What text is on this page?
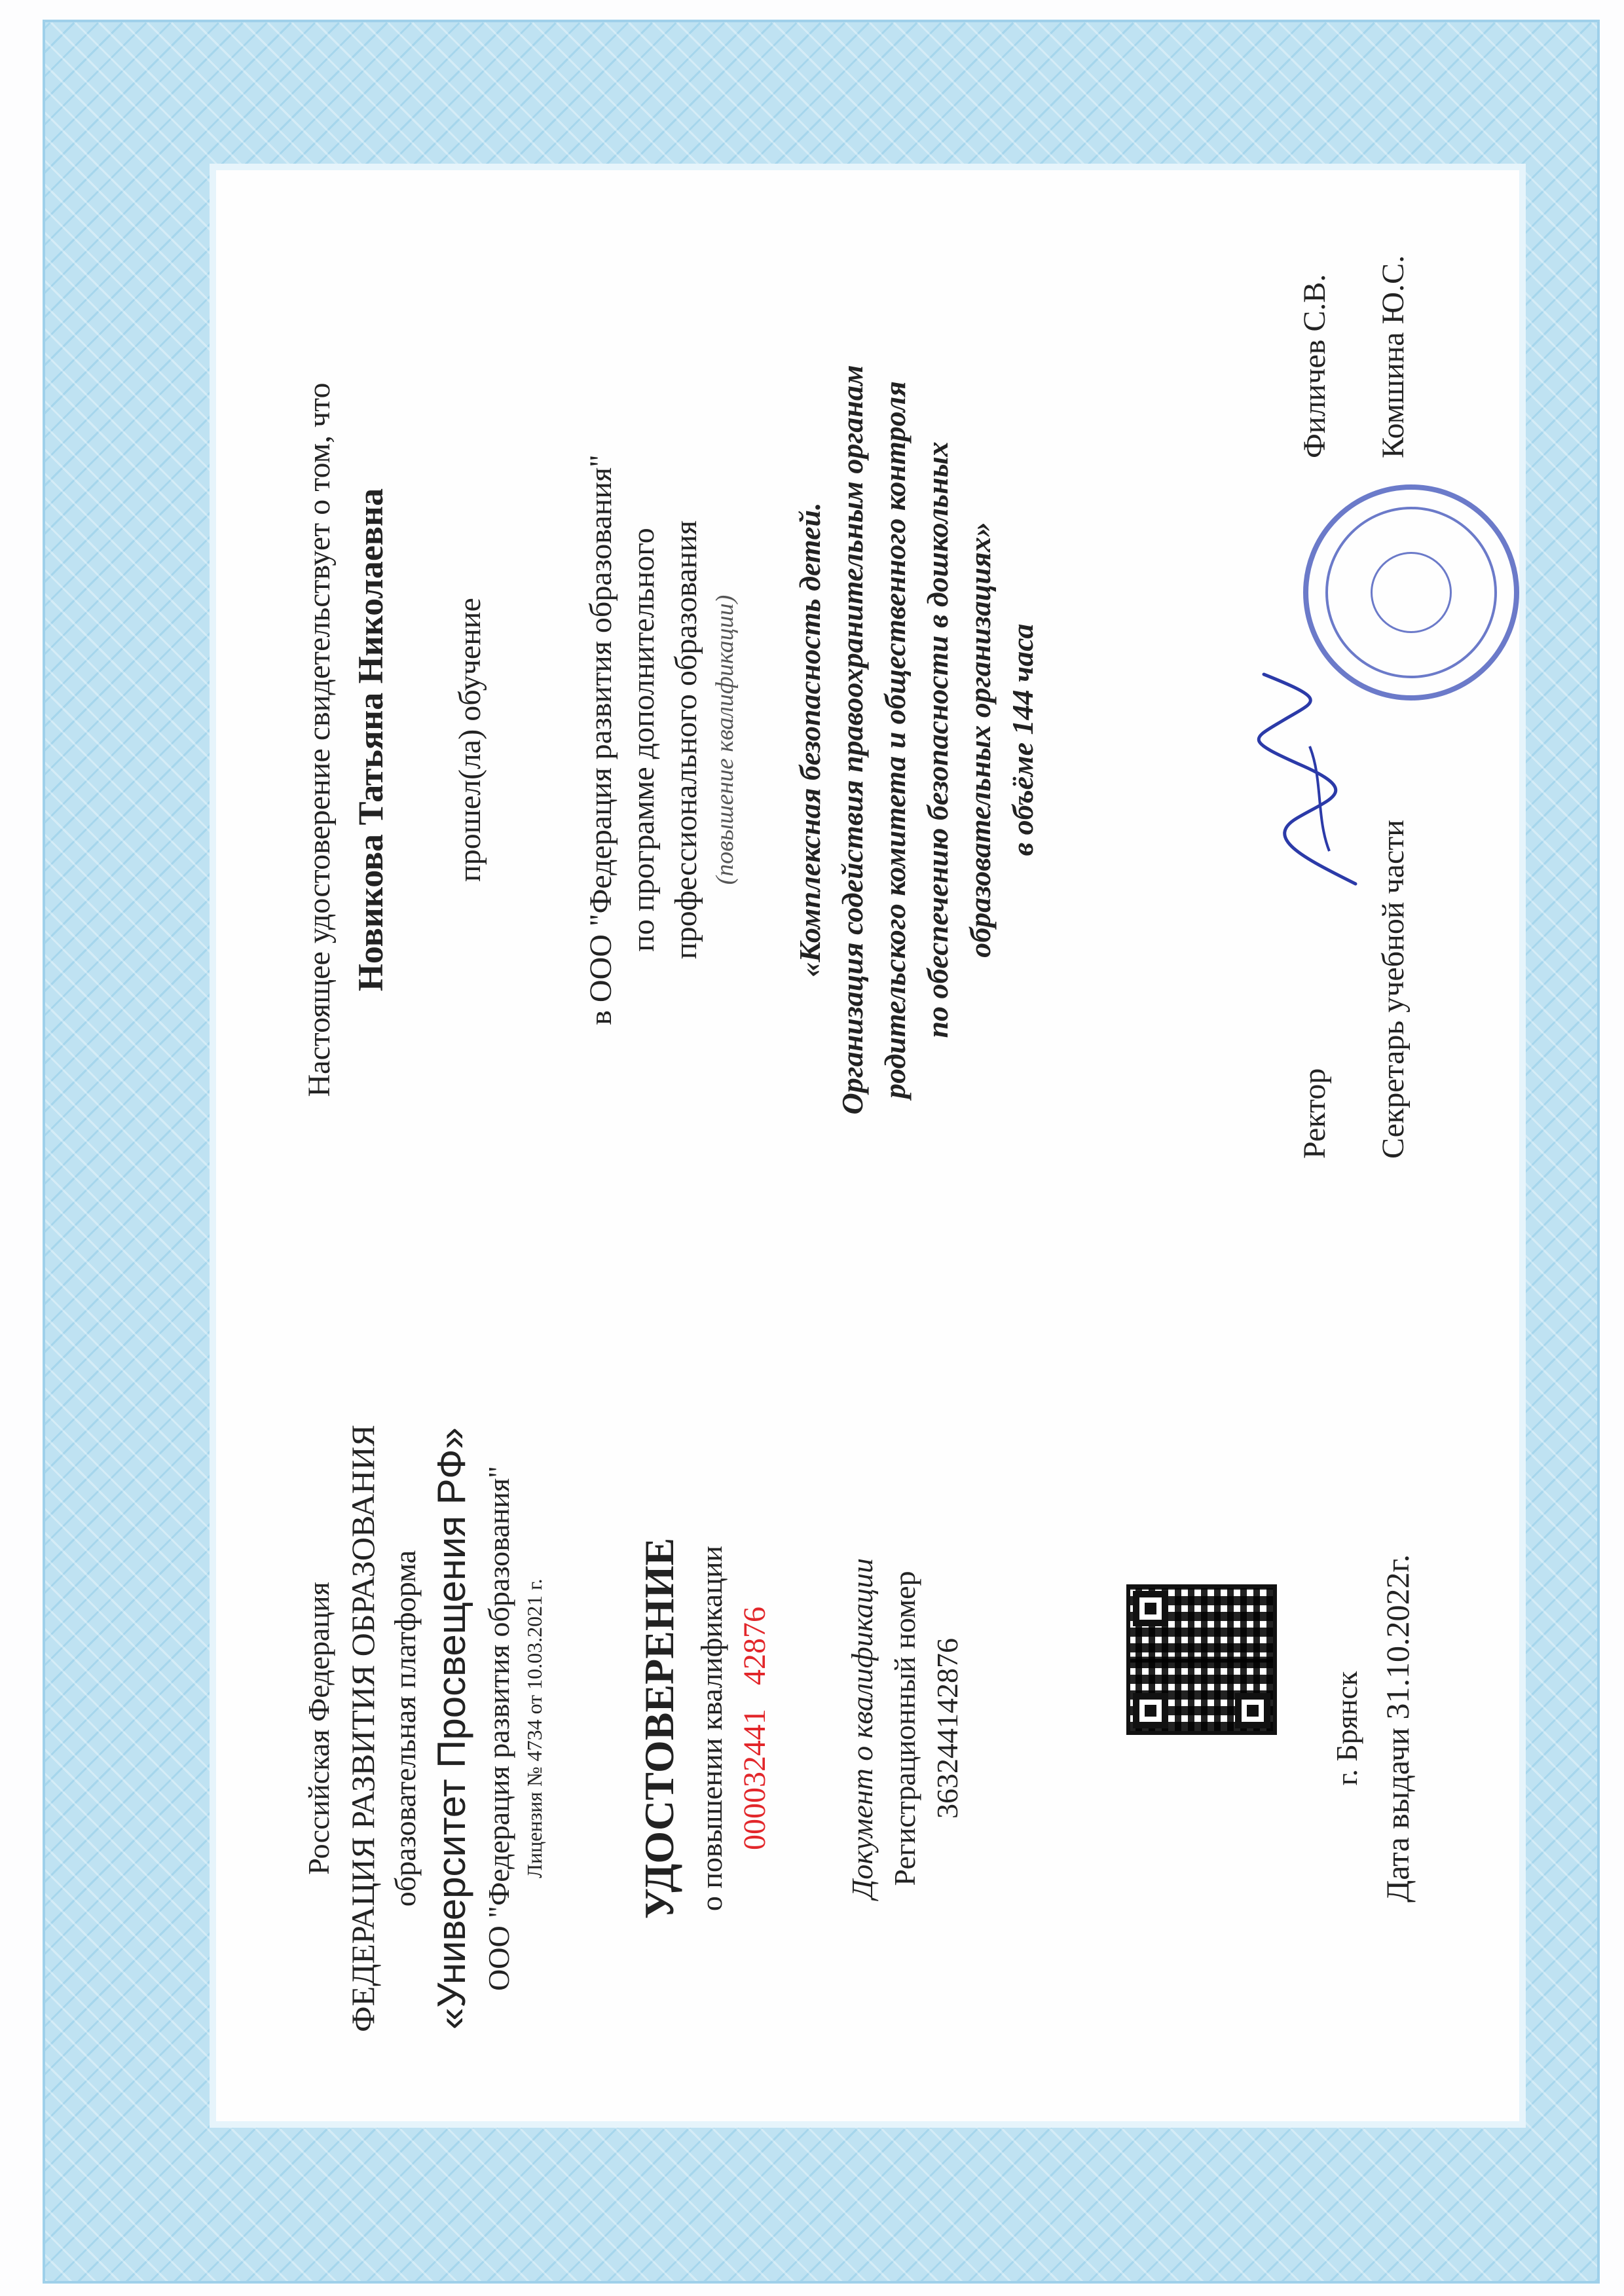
Российская Федерация ФЕДЕРАЦИЯ РАЗВИТИЯ ОБРАЗОВАНИЯ образовательная платформа «Университет Просвещения РФ» ООО "Федерация развития образования" Лицензия № 4734 от 10.03.2021 г. УДОСТОВЕРЕНИЕ о повышении квалификации 000032441   42876 Документ о квалификации Регистрационный номер 363244142876	г. Брянск Дата выдачи 31.10.2022г.
Настоящее удостоверение свидетельствует о том, что Новикова Татьяна Николаевна прошел(ла) обучение	в ООО "Федерация развития образования" по программе дополнительного профессионального образования (повышение квалификации) «Комплексная безопасность детей. Организация содействия правоохранительным органам родительского комитета и общественного контроля по обеспечению безопасности в дошкольных образовательных организациях» в объёме 144 часа
Ректор
Филичев С.В.
Секретарь учебной части
Комшина Ю.С.
